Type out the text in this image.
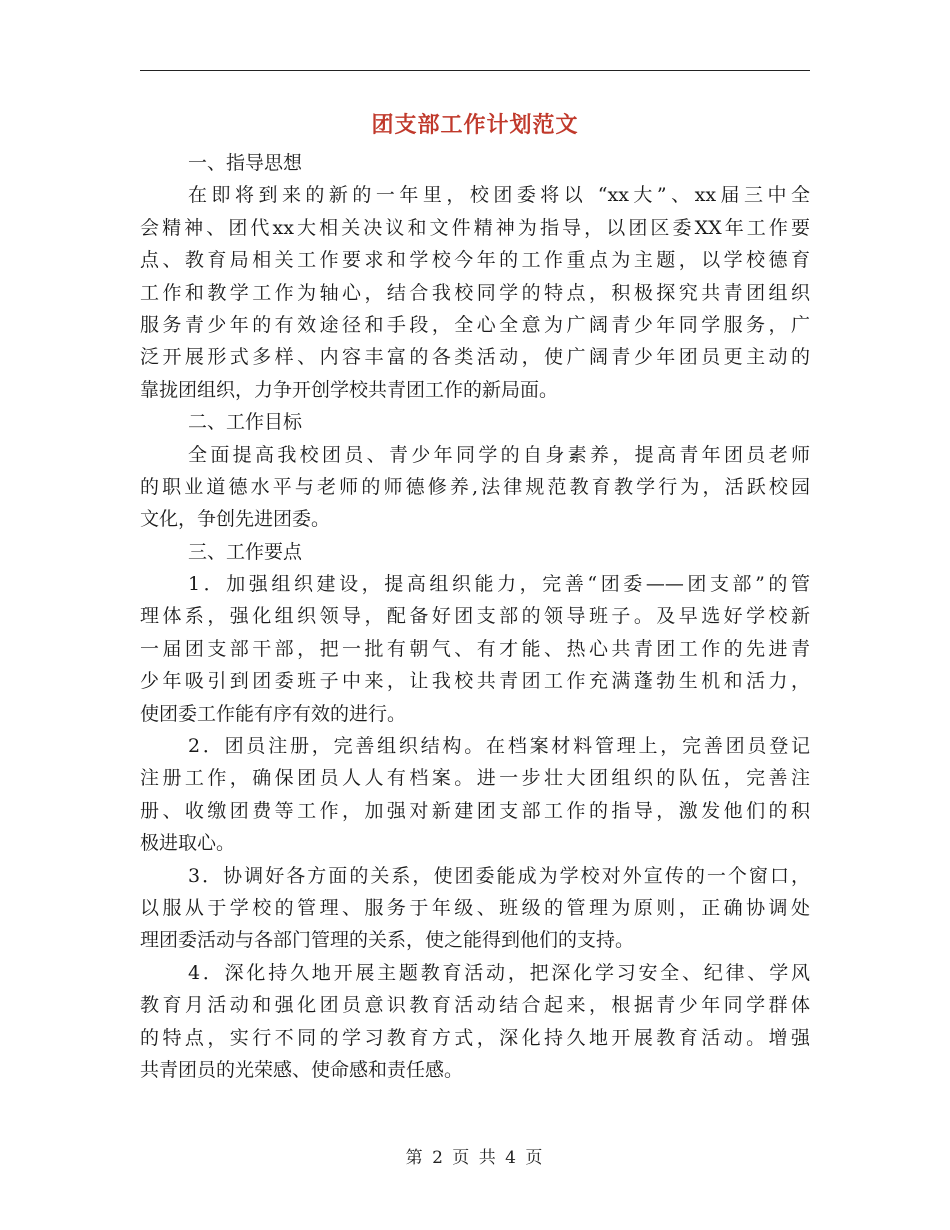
团支部工作计划范文
一、指导思想
在即将到来的新的一年里，校团委将以 “xx大”、xx届三中全
会精神、团代xx大相关决议和文件精神为指导，以团区委XX年工作要
点、教育局相关工作要求和学校今年的工作重点为主题，以学校德育
工作和教学工作为轴心，结合我校同学的特点，积极探究共青团组织
服务青少年的有效途径和手段，全心全意为广阔青少年同学服务，广
泛开展形式多样、内容丰富的各类活动，使广阔青少年团员更主动的
靠拢团组织，力争开创学校共青团工作的新局面。
二、工作目标
全面提高我校团员、青少年同学的自身素养，提高青年团员老师
的职业道德水平与老师的师德修养,法律规范教育教学行为，活跃校园
文化，争创先进团委。
三、工作要点
1．加强组织建设，提高组织能力，完善“团委——团支部”的管
理体系，强化组织领导，配备好团支部的领导班子。及早选好学校新
一届团支部干部，把一批有朝气、有才能、热心共青团工作的先进青
少年吸引到团委班子中来，让我校共青团工作充满蓬勃生机和活力，
使团委工作能有序有效的进行。
2．团员注册，完善组织结构。在档案材料管理上，完善团员登记
注册工作，确保团员人人有档案。进一步壮大团组织的队伍，完善注
册、收缴团费等工作，加强对新建团支部工作的指导，激发他们的积
极进取心。
3．协调好各方面的关系，使团委能成为学校对外宣传的一个窗口，
以服从于学校的管理、服务于年级、班级的管理为原则，正确协调处
理团委活动与各部门管理的关系，使之能得到他们的支持。
4．深化持久地开展主题教育活动，把深化学习安全、纪律、学风
教育月活动和强化团员意识教育活动结合起来，根据青少年同学群体
的特点，实行不同的学习教育方式，深化持久地开展教育活动。增强
共青团员的光荣感、使命感和责任感。
第 2 页 共 4 页
